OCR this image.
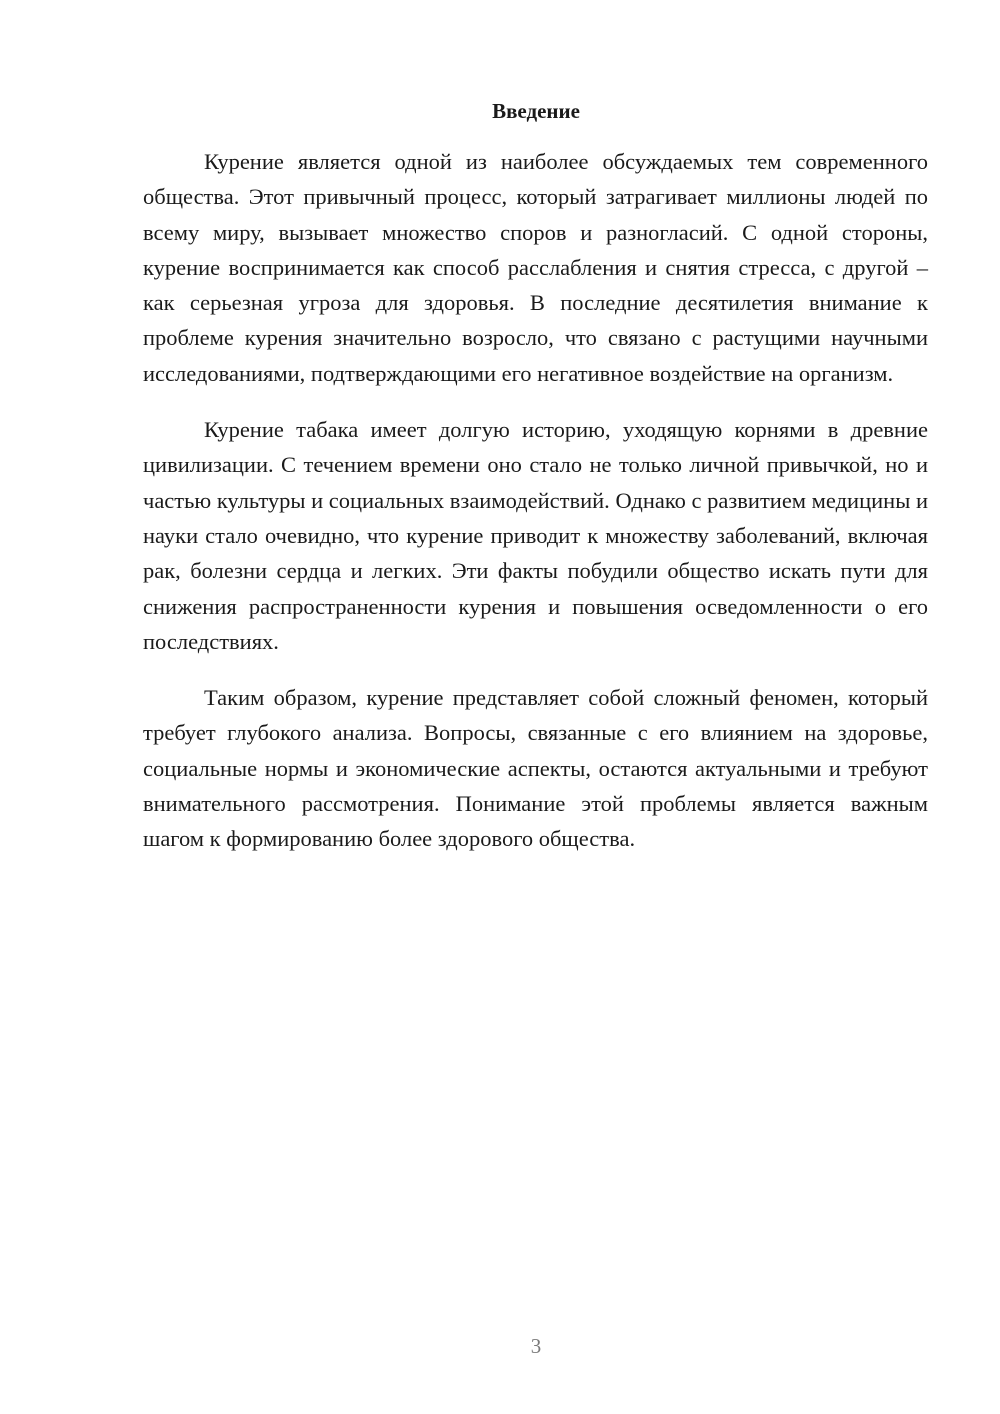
Введение

Курение является одной из наиболее обсуждаемых тем современного общества. Этот привычный процесс, который затрагивает миллионы людей по всему миру, вызывает множество споров и разногласий. С одной стороны, курение воспринимается как способ расслабления и снятия стресса, с другой – как серьезная угроза для здоровья. В последние десятилетия внимание к проблеме курения значительно возросло, что связано с растущими научными исследованиями, подтверждающими его негативное воздействие на организм.

Курение табака имеет долгую историю, уходящую корнями в древние цивилизации. С течением времени оно стало не только личной привычкой, но и частью культуры и социальных взаимодействий. Однако с развитием медицины и науки стало очевидно, что курение приводит к множеству заболеваний, включая рак, болезни сердца и легких. Эти факты побудили общество искать пути для снижения распространенности курения и повышения осведомленности о его последствиях.

Таким образом, курение представляет собой сложный феномен, который требует глубокого анализа. Вопросы, связанные с его влиянием на здоровье, социальные нормы и экономические аспекты, остаются актуальными и требуют внимательного рассмотрения. Понимание этой проблемы является важным шагом к формированию более здорового общества.

3
